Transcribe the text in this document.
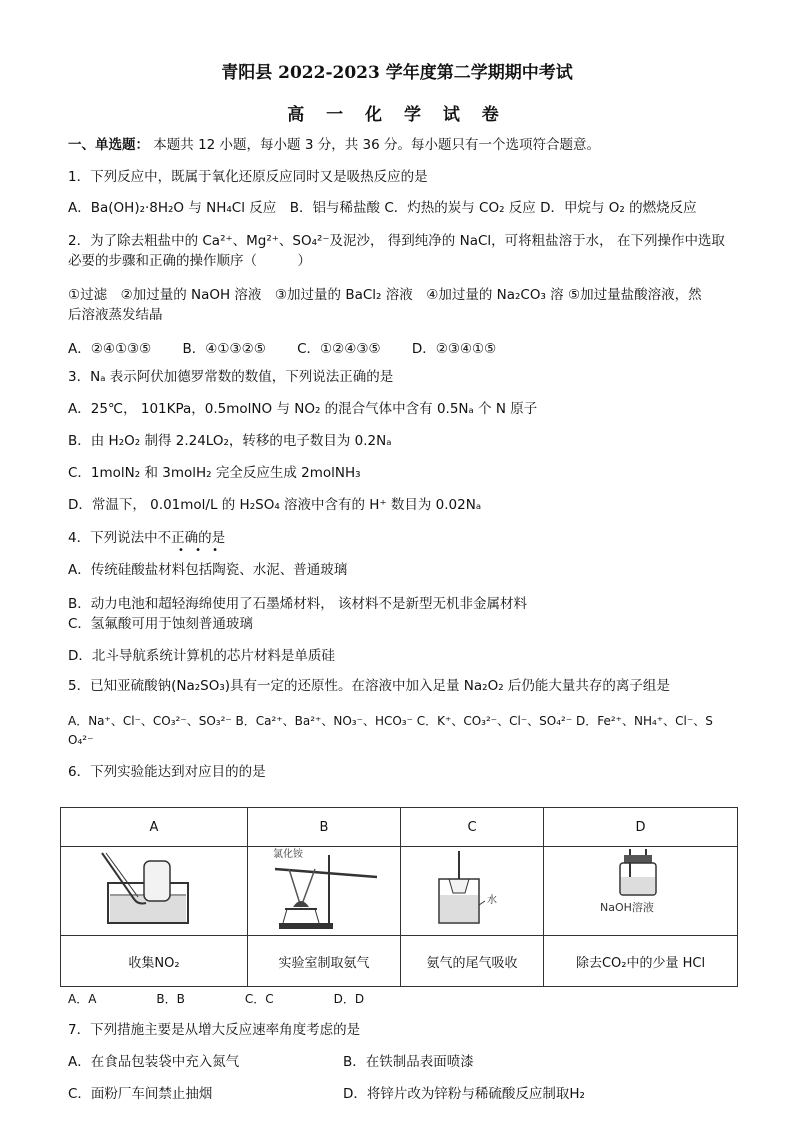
青阳县 2022-2023 学年度第二学期期中考试
高 一 化 学 试 卷
一、单选题： 本题共 12 小题，每小题 3 分，共 36 分。每小题只有一个选项符合题意。
1．下列反应中，既属于氧化还原反应同时又是吸热反应的是
A．Ba(OH)₂·8H₂O 与 NH₄Cl 反应　B．铝与稀盐酸 C．灼热的炭与 CO₂ 反应 D．甲烷与 O₂ 的燃烧反应
2．为了除去粗盐中的 Ca²⁺、Mg²⁺、SO₄²⁻及泥沙， 得到纯净的 NaCl，可将粗盐溶于水， 在下列操作中选取
必要的步骤和正确的操作顺序（　　　）
①过滤　②加过量的 NaOH 溶液　③加过量的 BaCl₂ 溶液　④加过量的 Na₂CO₃ 溶 ⑤加过量盐酸溶液，然
后溶液蒸发结晶
A．②④①③⑤　　 B．④①③②⑤　　 C．①②④③⑤　　 D．②③④①⑤
3．Nₐ 表示阿伏加德罗常数的数值，下列说法正确的是
A．25℃， 101KPa，0.5molNO 与 NO₂ 的混合气体中含有 0.5Nₐ 个 N 原子
B．由 H₂O₂ 制得 2.24LO₂，转移的电子数目为 0.2Nₐ
C．1molN₂ 和 3molH₂ 完全反应生成 2molNH₃
D．常温下， 0.01mol/L 的 H₂SO₄ 溶液中含有的 H⁺ 数目为 0.02Nₐ
4．下列说法中不正确的是
• • •
A．传统硅酸盐材料包括陶瓷、水泥、普通玻璃
B．动力电池和超轻海绵使用了石墨烯材料， 该材料不是新型无机非金属材料
C．氢氟酸可用于蚀刻普通玻璃
D．北斗导航系统计算机的芯片材料是单质硅
5．已知亚硫酸钠(Na₂SO₃)具有一定的还原性。在溶液中加入足量 Na₂O₂ 后仍能大量共存的离子组是
A．Na⁺、Cl⁻、CO₃²⁻、SO₃²⁻ B．Ca²⁺、Ba²⁺、NO₃⁻、HCO₃⁻ C．K⁺、CO₃²⁻、Cl⁻、SO₄²⁻ D．Fe²⁺、NH₄⁺、Cl⁻、S
O₄²⁻
6．下列实验能达到对应目的的是
A	B	C	D

氯化铵	水	NaOH溶液

收集NO₂	实验室制取氨气	氨气的尾气吸收	除去CO₂中的少量 HCl
A．A　　　　　B．B　　　　　C．C　　　　　D．D
7．下列措施主要是从增大反应速率角度考虑的是
A．在食品包装袋中充入氮气	B．在铁制品表面喷漆
C．面粉厂车间禁止抽烟	D．将锌片改为锌粉与稀硫酸反应制取H₂
